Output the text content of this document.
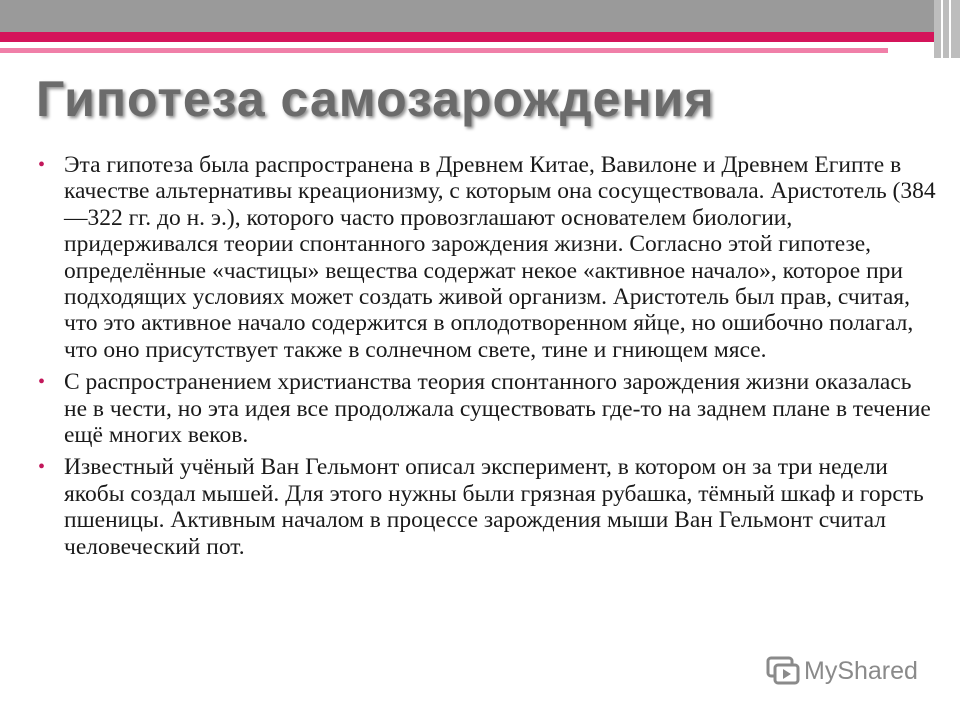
Гипотеза самозарождения
• Эта гипотеза была распространена в Древнем Китае, Вавилоне и Древнем Египте в качестве альтернативы креационизму, с которым она сосуществовала. Аристотель (384—322 гг. до н. э.), которого часто провозглашают основателем биологии, придерживался теории спонтанного зарождения жизни. Согласно этой гипотезе, определённые «частицы» вещества содержат некое «активное начало», которое при подходящих условиях может создать живой организм. Аристотель был прав, считая, что это активное начало содержится в оплодотворенном яйце, но ошибочно полагал, что оно присутствует также в солнечном свете, тине и гниющем мясе.
• С распространением христианства теория спонтанного зарождения жизни оказалась не в чести, но эта идея все продолжала существовать где-то на заднем плане в течение ещё многих веков.
• Известный учёный Ван Гельмонт описал эксперимент, в котором он за три недели якобы создал мышей. Для этого нужны были грязная рубашка, тёмный шкаф и горсть пшеницы. Активным началом в процессе зарождения мыши Ван Гельмонт считал человеческий пот.
MyShared
